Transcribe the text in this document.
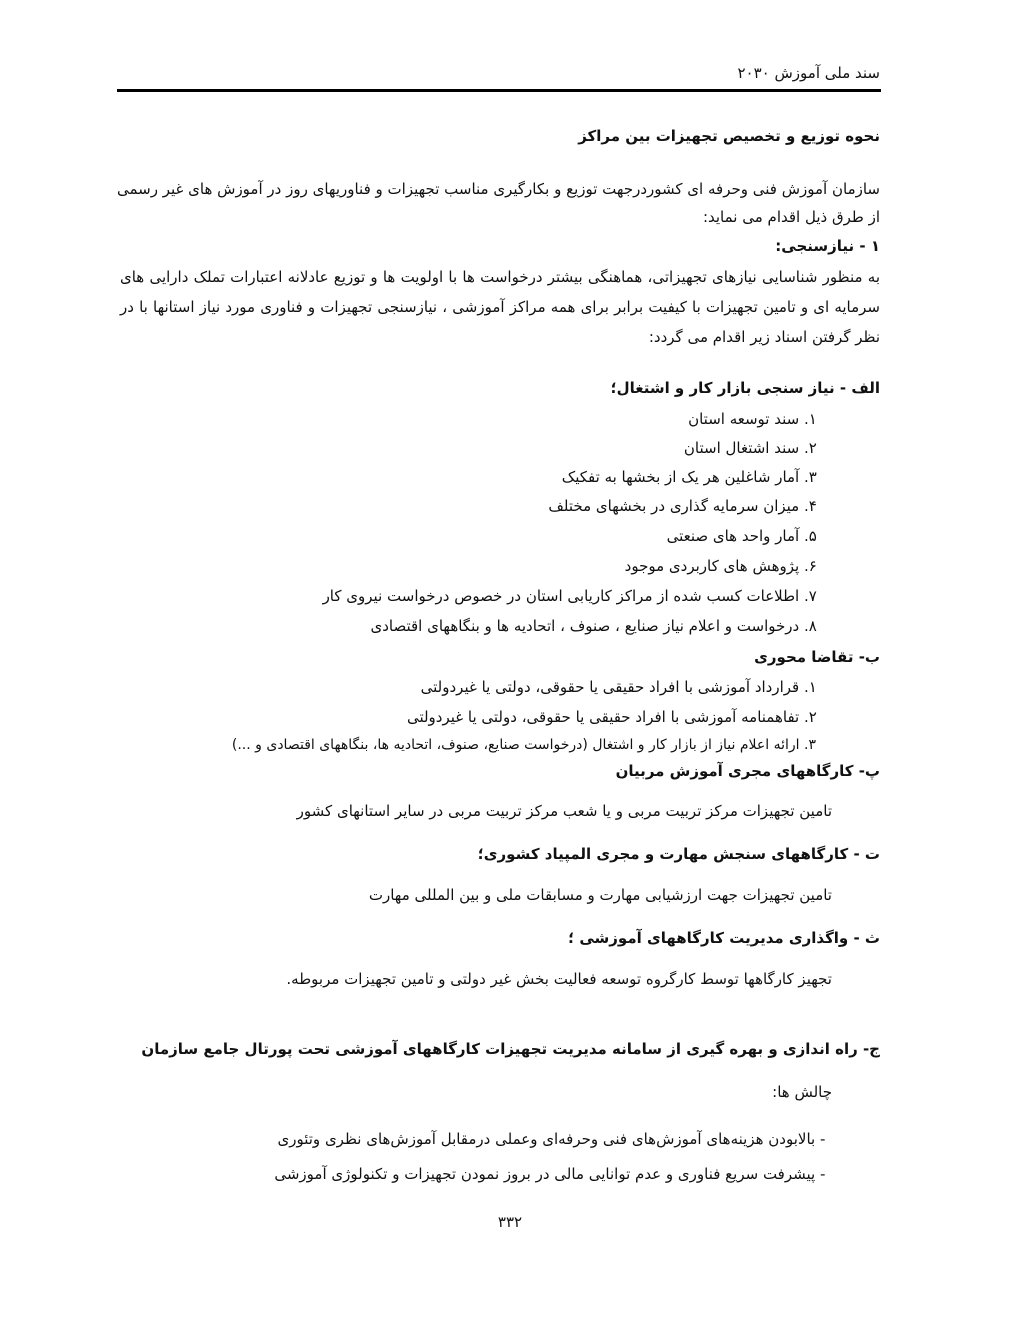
سند ملی آموزش ۲۰۳۰
نحوه توزیع و تخصیص تجهیزات بین مراکز
سازمان آموزش فنی وحرفه ای کشوردرجهت توزیع و بکارگیری مناسب تجهیزات و فناوریهای روز در آموزش های غیر رسمی
از طرق ذیل اقدام می نماید:
۱ - نیازسنجی:
به منظور شناسایی نیازهای تجهیزاتی، هماهنگی بیشتر درخواست ها با اولویت ها و توزیع عادلانه اعتبارات تملک دارایی های
سرمایه ای و تامین تجهیزات با کیفیت برابر برای همه مراکز آموزشی ، نیازسنجی تجهیزات و فناوری مورد نیاز استانها با در
نظر گرفتن اسناد زیر اقدام می گردد:
الف - نیاز سنجی بازار کار و اشتغال؛
۱. سند توسعه استان
۲. سند اشتغال استان
۳. آمار شاغلین هر یک از بخشها به تفکیک
۴. میزان سرمایه گذاری در بخشهای مختلف
۵. آمار واحد های صنعتی
۶. پژوهش های کاربردی موجود
۷. اطلاعات کسب شده از مراکز کاریابی استان در خصوص درخواست نیروی کار
۸. درخواست و اعلام نیاز صنایع ، صنوف ، اتحادیه ها و بنگاههای اقتصادی
ب- تقاضا محوری
۱. قرارداد آموزشی با افراد حقیقی یا حقوقی، دولتی یا غیردولتی
۲. تفاهمنامه آموزشی با افراد حقیقی یا حقوقی، دولتی یا غیردولتی
۳. ارائه اعلام نیاز از بازار کار و اشتغال (درخواست صنایع، صنوف، اتحادیه ها، بنگاههای اقتصادی و ...)
پ- کارگاههای مجری آموزش مربیان
تامین تجهیزات مرکز تربیت مربی و یا شعب مرکز تربیت مربی در سایر استانهای کشور
ت - کارگاههای سنجش مهارت و مجری المپیاد کشوری؛
تامین تجهیزات جهت ارزشیابی مهارت و مسابقات ملی و بین المللی مهارت
ث - واگذاری مدیریت کارگاههای آموزشی ؛
تجهیز کارگاهها توسط کارگروه توسعه فعالیت بخش غیر دولتی و تامین تجهیزات مربوطه.
ج- راه اندازی و بهره گیری از سامانه مدیریت تجهیزات کارگاههای آموزشی تحت پورتال جامع سازمان
چالش ها:
- بالابودن هزینه‌های آموزش‌های فنی وحرفه‌ای وعملی درمقابل آموزش‌های نظری وتئوری
- پیشرفت سریع فناوری و عدم توانایی مالی در بروز نمودن تجهیزات و تکنولوژی آموزشی
۳۳۲
